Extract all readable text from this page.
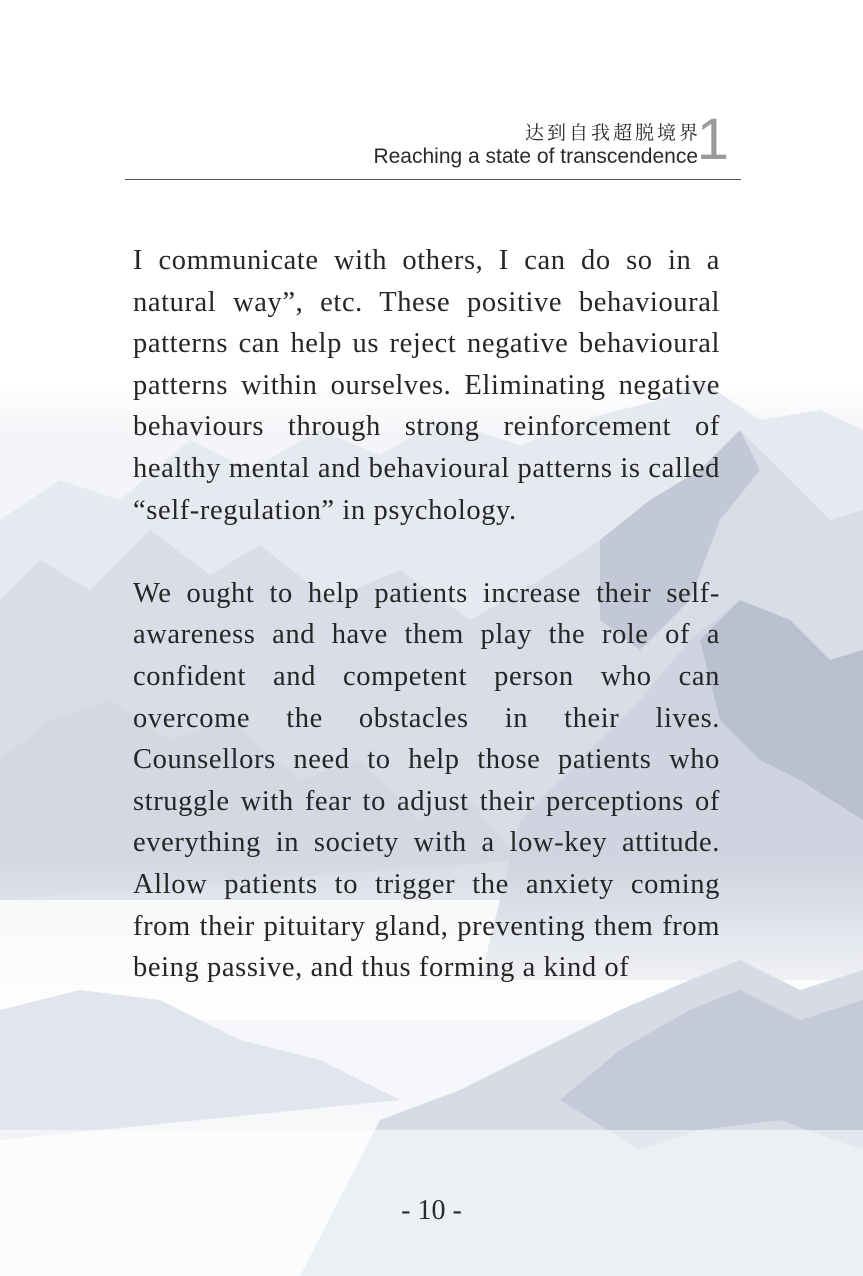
达到自我超脱境界
Reaching a state of transcendence
1

I communicate with others, I can do so in a natural way”, etc. These positive behavioural patterns can help us reject negative behavioural patterns within ourselves. Eliminating negative behaviours through strong reinforcement of healthy mental and behavioural patterns is called “self-regulation” in psychology.

We ought to help patients increase their self-awareness and have them play the role of a confident and competent person who can overcome the obstacles in their lives. Counsellors need to help those patients who struggle with fear to adjust their perceptions of everything in society with a low-key attitude. Allow patients to trigger the anxiety coming from their pituitary gland, preventing them from being passive, and thus forming a kind of

- 10 -
